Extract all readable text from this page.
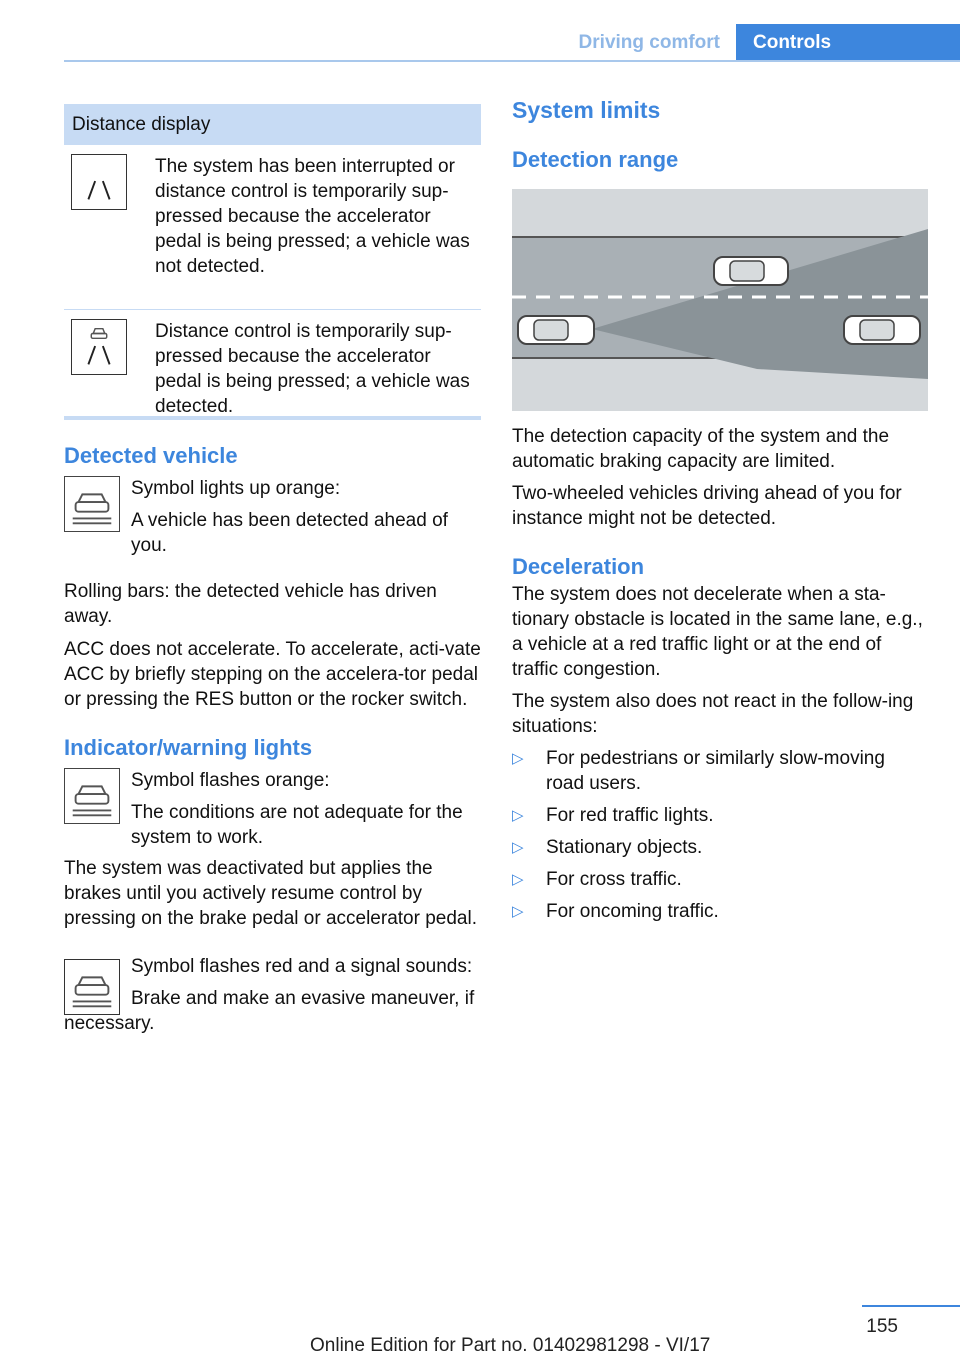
Driving comfort	Controls
Distance display
The system has been interrupted or distance control is temporarily sup-pressed because the accelerator pedal is being pressed; a vehicle was not detected.
Distance control is temporarily sup-pressed because the accelerator pedal is being pressed; a vehicle was detected.
Detected vehicle

Symbol lights up orange:

A vehicle has been detected ahead of you.

Rolling bars: the detected vehicle has driven away.

ACC does not accelerate. To accelerate, acti-vate ACC by briefly stepping on the accelera-tor pedal or pressing the RES button or the rocker switch.

Indicator/warning lights

Symbol flashes orange:

The conditions are not adequate for the system to work.

The system was deactivated but applies the brakes until you actively resume control by pressing on the brake pedal or accelerator pedal.

Symbol flashes red and a signal sounds:

Brake and make an evasive maneuver, if necessary.

System limits
Detection range

The detection capacity of the system and the automatic braking capacity are limited.

Two-wheeled vehicles driving ahead of you for instance might not be detected.

Deceleration

The system does not decelerate when a sta-tionary obstacle is located in the same lane, e.g., a vehicle at a red traffic light or at the end of traffic congestion.

The system also does not react in the follow-ing situations:

▷	For pedestrians or similarly slow-moving road users.
▷	For red traffic lights.
▷	Stationary objects.
▷	For cross traffic.
▷	For oncoming traffic.
155
Online Edition for Part no. 01402981298 - VI/17
